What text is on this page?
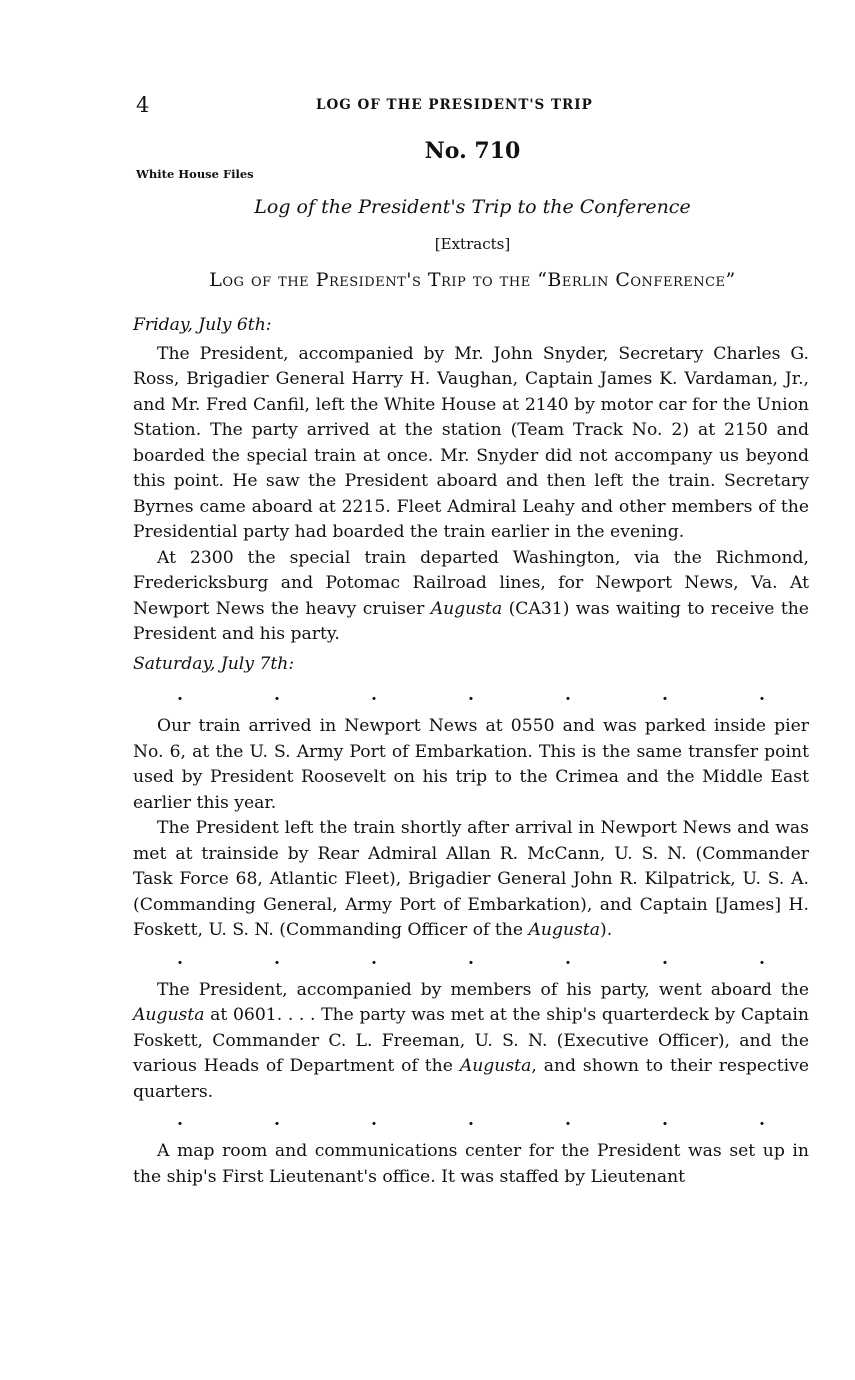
4	LOG OF THE PRESIDENT'S TRIP
No. 710
White House Files
Log of the President's Trip to the Conference
[Extracts]
Log of the President's Trip to the “Berlin Conference”
Friday, July 6th:

The President, accompanied by Mr. John Snyder, Secretary Charles G. Ross, Brigadier General Harry H. Vaughan, Captain James K. Vardaman, Jr., and Mr. Fred Canfil, left the White House at 2140 by motor car for the Union Station. The party arrived at the station (Team Track No. 2) at 2150 and boarded the special train at once. Mr. Snyder did not accompany us beyond this point. He saw the President aboard and then left the train. Secretary Byrnes came aboard at 2215. Fleet Admiral Leahy and other members of the Presidential party had boarded the train earlier in the evening.

At 2300 the special train departed Washington, via the Richmond, Fredericksburg and Potomac Railroad lines, for Newport News, Va. At Newport News the heavy cruiser Augusta (CA31) was waiting to receive the President and his party.

Saturday, July 7th:
.	.	.	.	.	.	.

Our train arrived in Newport News at 0550 and was parked inside pier No. 6, at the U. S. Army Port of Embarkation. This is the same transfer point used by President Roosevelt on his trip to the Crimea and the Middle East earlier this year.

The President left the train shortly after arrival in Newport News and was met at trainside by Rear Admiral Allan R. McCann, U. S. N. (Commander Task Force 68, Atlantic Fleet), Brigadier General John R. Kilpatrick, U. S. A. (Commanding General, Army Port of Embarkation), and Captain [James] H. Foskett, U. S. N. (Commanding Officer of the Augusta).

.	.	.	.	.	.	.

The President, accompanied by members of his party, went aboard the Augusta at 0601. . . . The party was met at the ship's quarterdeck by Captain Foskett, Commander C. L. Freeman, U. S. N. (Executive Officer), and the various Heads of Department of the Augusta, and shown to their respective quarters.

.	.	.	.	.	.	.

A map room and communications center for the President was set up in the ship's First Lieutenant's office. It was staffed by Lieutenant
